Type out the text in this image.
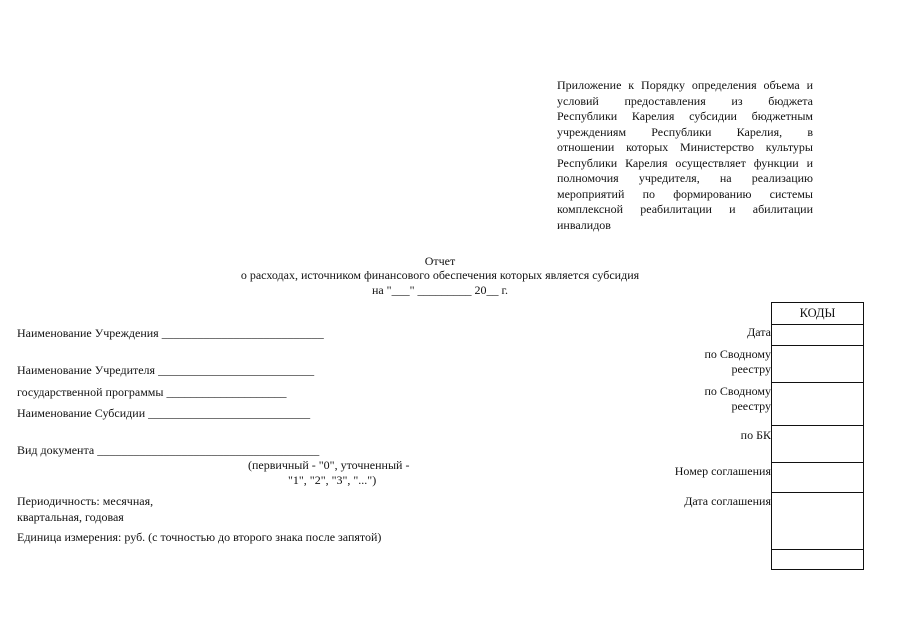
Приложение к Порядку определения объема и
условий предоставления из бюджета
Республики Карелия субсидии бюджетным
учреждениям Республики Карелия, в
отношении которых Министерство культуры
Республики Карелия осуществляет функции и
полномочия учредителя, на реализацию
мероприятий по формированию системы
комплексной реабилитации и абилитации
инвалидов
Отчет
о расходах, источником финансового обеспечения которых является субсидия
на "___" _________ 20__ г.
Наименование Учреждения ___________________________
Наименование Учредителя __________________________
государственной программы ____________________
Наименование Субсидии ___________________________
Вид документа _____________________________________
(первичный - "0", уточненный -
"1", "2", "3", "...")
Периодичность: месячная,
квартальная, годовая
Единица измерения: руб. (с точностью до второго знака после запятой)
Дата
по Сводному
реестру
по Сводному
реестру
по БК
Номер соглашения
Дата соглашения
КОДЫ
